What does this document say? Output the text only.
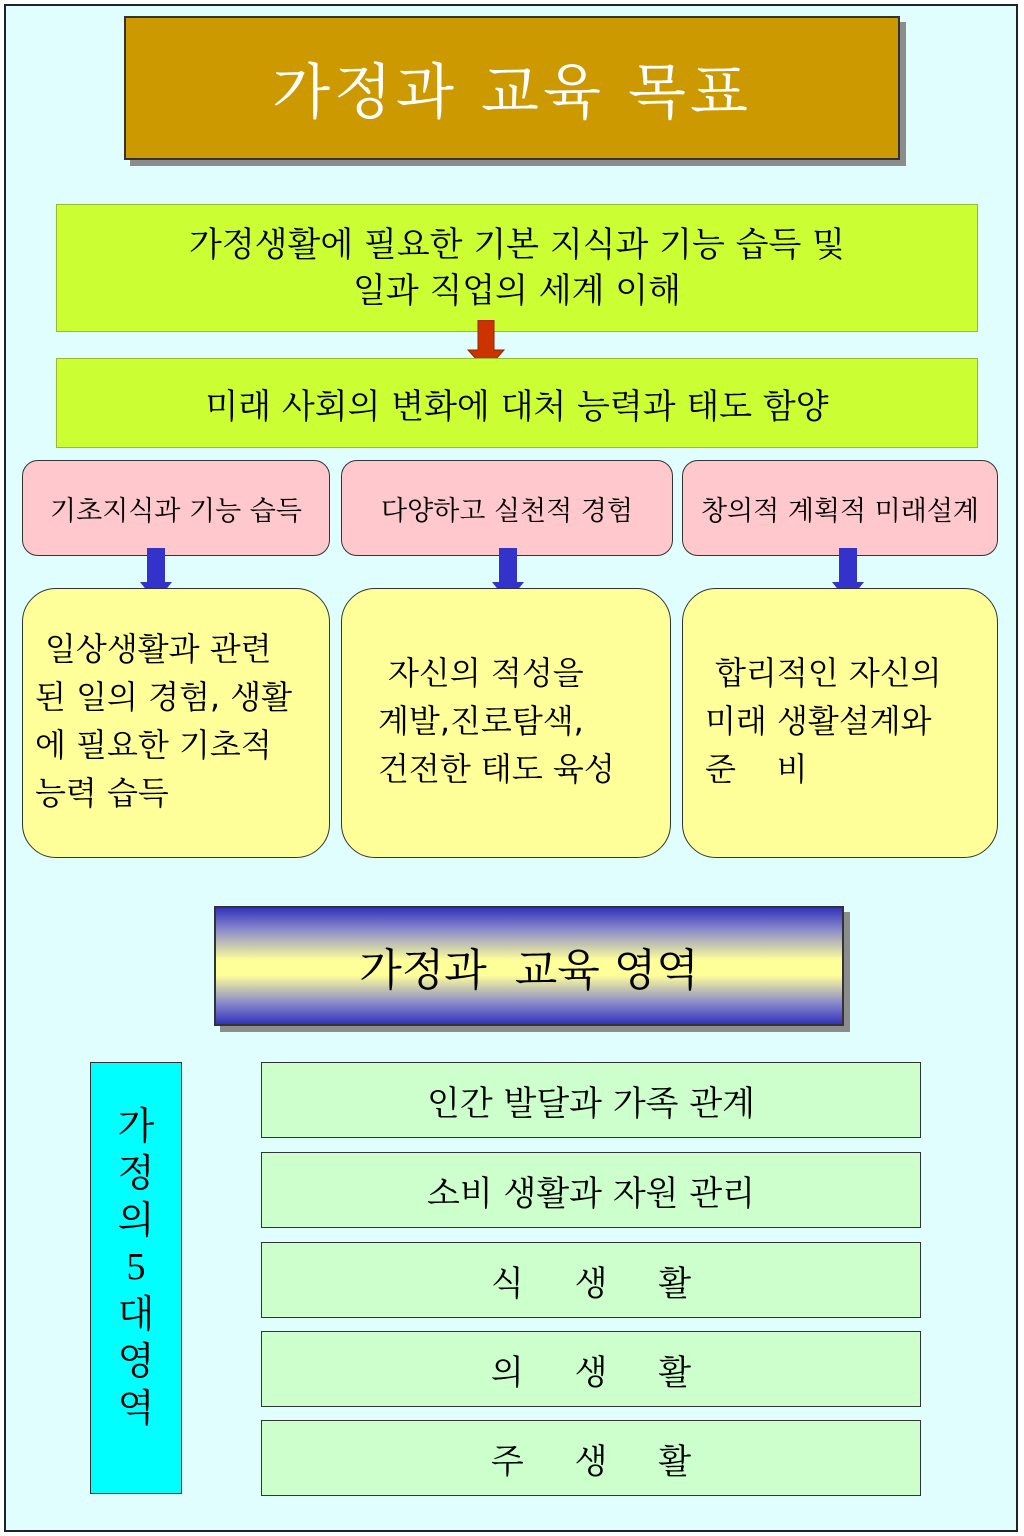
가정과 교육 목표
가정생활에 필요한 기본 지식과 기능 습득 및
일과 직업의 세계 이해
미래 사회의 변화에 대처 능력과 태도 함양
기초지식과 기능 습득	다양하고 실천적 경험	창의적 계획적 미래설계
일상생활과 관련
된 일의 경험, 생활
에 필요한 기초적
능력 습득
자신의 적성을
계발,진로탐색,
건전한 태도 육성
합리적인 자신의
미래 생활설계와
준    비
가정과  교육 영역
가
정
의
5
대
영
역
인간 발달과 가족 관계
소비 생활과 자원 관리
식 생 활
의 생 활
주 생 활
